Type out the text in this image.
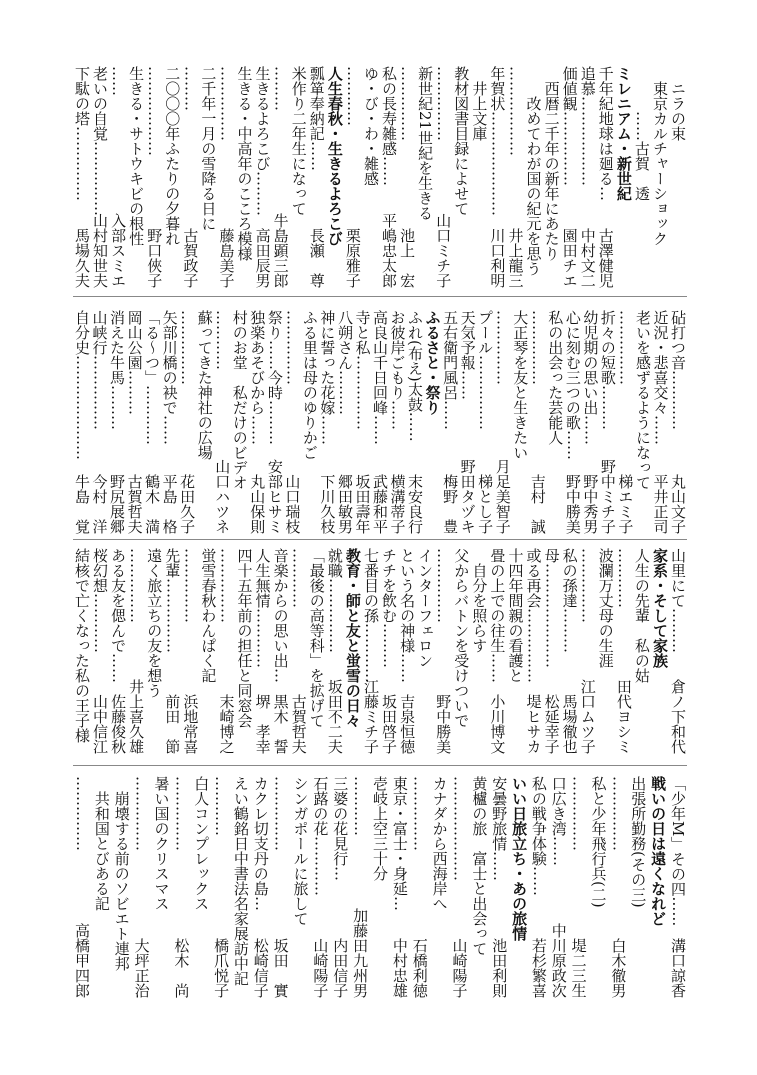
ニラの束
東京カルチャーショック
……古賀　透
ミレニアム・新世紀
千年紀地球は廻る…
古澤健児
追慕………………
中村文二
価値観……………
園田チエ
西暦二千年の新年にあたり
改めてわが国の紀元を思う
………………
井上龍三
年賀状…………………
川口利明
井上文庫
教材図書目録によせて
……………
山口ミチ子
新世紀21世紀を生きる
……………
池上　宏
私の長寿雑感……
平嶋忠太郎
ゆ・び・わ・雑感
…………
栗原雅子
人生春秋・生きるよろこび
瓢箪奉納記……
長瀬　尊
米作り二年生になって
………
牛島顕三郎
生きるよろこび………
高田辰男
生きる・中高年のこころ模様
……………
藤島美子
二千年一月の雪降る日に
………
古賀政子
二〇〇〇年ふたりの夕暮れ
………………
野口俠子
生きる・サトウキビの根性
……
入部スミエ
老いの自覚……………
山村知世夫
下駄の塔……………
馬場久夫
砧打つ音…………
丸山文子
近況・悲喜交々……
平井正司
老いを感ずるようになって
……………
梯エミ子
折々の短歌………
野中ミチ子
幼児期の思い出……
野中秀男
心に刻む三つの歌……
野中勝美
私の出会った芸能人
……………
吉村　誠
大正琴を友と生きたい
……………
月足美智子
プール……………
梯とし子
天気予報……
野田タヅキ
五右衛門風呂……
梅野　豊
ふるさと・祭り
ふれ(布え)太鼓……
末安良行
お彼岸ごもり……
横溝蒂子
高良山千日回峰……
武藤和平
寺と私……………
坂田壽年
八朔さん………
郷田敏男
神に誓った花嫁……
下川久枝
ふる里は母のゆりかご
……………
山口瑞枝
祭り……今時………
安部ヒサミ
独楽あそびから……
丸山保則
村のお堂　私だけのビデオ
…………
山口ハツネ
蘇ってきた神社の広場
……………
花田久子
矢部川橋の袂で……
平島　格
「る～つ」…………
鶴木　満
岡山公園………
古賀哲夫
消えた牛馬………
野尻展郷
山峡行……………
今村　洋
自分史…………………
牛島　覚
山里にて………
倉ノ下和代
家系・そして家族
人生の先輩　私の姑
…………
田代ヨシミ
波瀾万丈母の生涯
……………
江口ムツ子
私の孫達………
馬場徹也
母…………………
松延幸子
或る再会……………
堤ヒサカ
十四年間親の看護と
畳の上での往生……
小川博文
自分を照らす
父からバトンを受けついで
……………
野中勝美
インターフェロン
という名の神様……
吉泉恒徳
チチを飲む………
坂田啓子
七番目の孫…………
江藤ミチ子
教育・師と友と蛍雪の日々
就職……………
坂田不二夫
「最後の高等科」を拡げて
…………
古賀哲夫
音楽からの思い出…
黒木　誓
人生無情…………
堺　孝幸
四十五年前の担任と同窓会
……………
末崎博之
蛍雪春秋わんぱく記
……………
浜地常喜
先輩……………
前田　節
遠く旅立ちの友を想う
……………
井上喜久雄
ある友を偲んで……
佐藤俊秋
桜幻想…………
山中信江
結核で亡くなった私の王子様
「少年M」その四……
溝口諒香
戦いの日は遠くなれど
出張所勤務(その三)
……………
白木徹男
私と少年飛行兵(二)
……………
堤二三生
口広き湾……
中川原政次
私の戦争体験……
若杉繁喜
いい日旅立ち・あの旅情
安曇野旅情……
池田利則
黄櫨の旅　富士と出会って
…………………
山崎陽子
カナダから西海岸へ
……………
石橋利徳
東京・富士・身延…
中村忠雄
壱岐上空三十分
…………
加藤田九州男
三婆の花見行…
内田信子
石蕗の花…………
山崎陽子
シンガポールに旅して
……………
坂田　實
カクレ切支丹の島…
松崎信子
えい鶴銘日中書法名家展訪中記
…………
橋爪悦子
白人コンプレックス
……………
松木　尚
暑い国のクリスマス
……………
大坪正治
崩壊する前のソビエト連邦
共和国とびある記
……………
高橋甲四郎
